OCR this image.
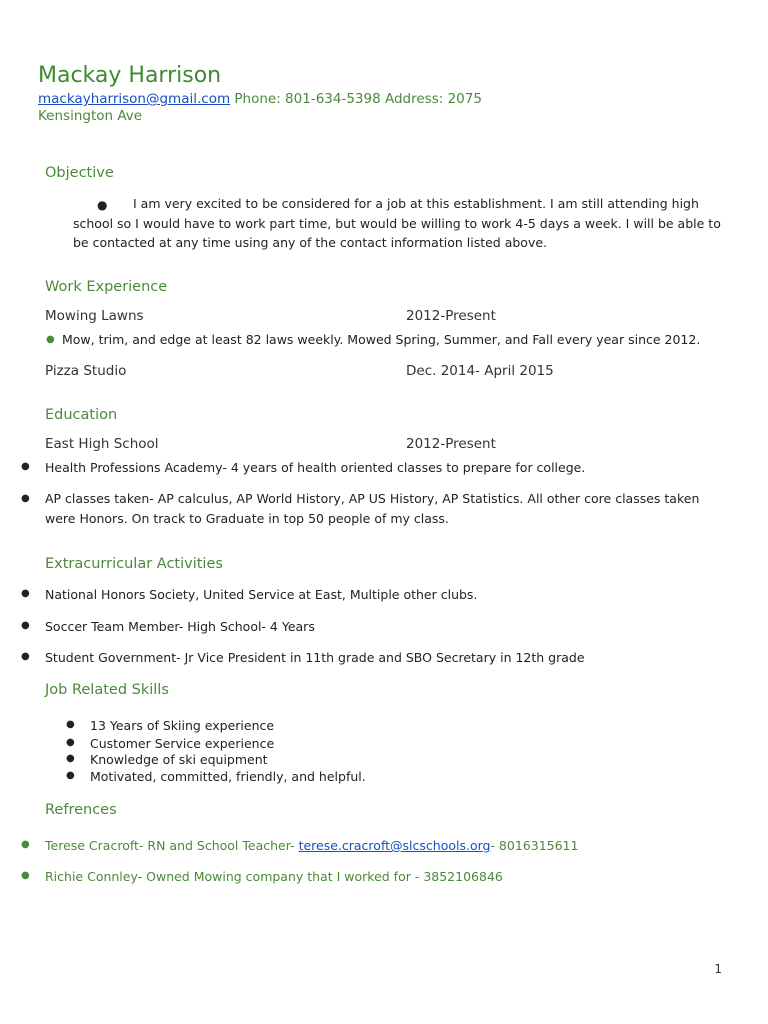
Mackay Harrison
mackayharrison@gmail.com Phone: 801-634-5398 Address: 2075
Kensington Ave
Objective
●	I am very excited to be considered for a job at this establishment. I am still attending high school so I would have to work part time, but would be willing to work 4-5 days a week. I will be able to be contacted at any time using any of the contact information listed above.
Work Experience
Mowing Lawns	2012-Present
● Mow, trim, and edge at least 82 laws weekly. Mowed Spring, Summer, and Fall every year since 2012.
Pizza Studio	Dec. 2014- April 2015
Education
East High School	2012-Present
● Health Professions Academy- 4 years of health oriented classes to prepare for college.
● AP classes taken- AP calculus, AP World History, AP US History, AP Statistics. All other core classes taken were Honors. On track to Graduate in top 50 people of my class.
Extracurricular Activities
● National Honors Society, United Service at East, Multiple other clubs.
● Soccer Team Member- High School- 4 Years
● Student Government- Jr Vice President in 11th grade and SBO Secretary in 12th grade
Job Related Skills
● 13 Years of Skiing experience
● Customer Service experience
● Knowledge of ski equipment
● Motivated, committed, friendly, and helpful.
Refrences
● Terese Cracroft- RN and School Teacher- terese.cracroft@slcschools.org- 8016315611
● Richie Connley- Owned Mowing company that I worked for - 3852106846
1
